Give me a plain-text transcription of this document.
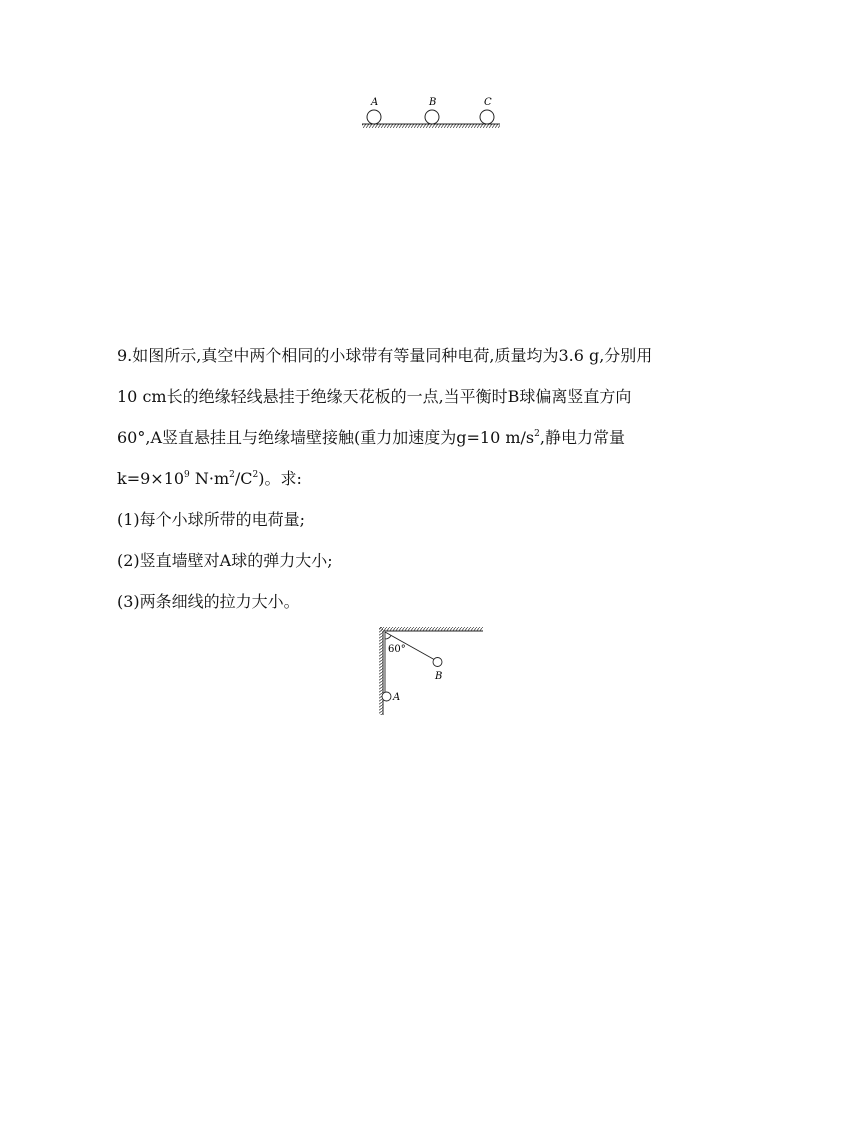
A	B	C
9.如图所示,真空中两个相同的小球带有等量同种电荷,质量均为3.6 g,分别用
10 cm长的绝缘轻线悬挂于绝缘天花板的一点,当平衡时B球偏离竖直方向
60°,A竖直悬挂且与绝缘墙壁接触(重力加速度为g=10 $m/s^2$,静电力常量
$k=9\times 10^9$ $N\cdot m^2/C^2$)。求:
(1)每个小球所带的电荷量;
(2)竖直墙壁对A球的弹力大小;
(3)两条细线的拉力大小。
60°
B
A
